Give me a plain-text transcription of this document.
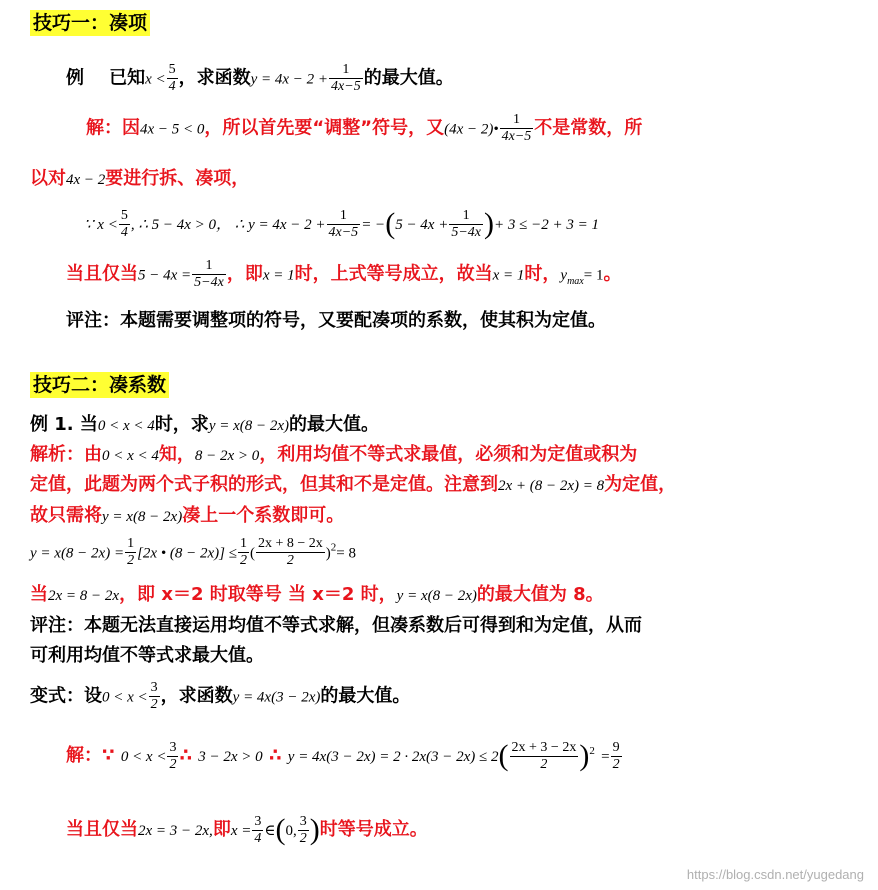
技巧一：凑项
例 已知$x < \frac{5}{4}$ ，求函数$y = 4x - 2 + \frac{1}{4x-5}$ 的最大值。
解：因4x − 5 < 0，所以首先要“调整”符号，又(4x − 2)• $\frac{1}{4x-5}$ 不是常数，所
以对4x − 2要进行拆、凑项，
∵ $x < \frac{5}{4}$ , ∴ 5 − 4x > 0， ∴ $y = 4x - 2 + \frac{1}{4x-5} = -(5 - 4x + \frac{1}{5-4x}$ )+ 3 ≤ −2 + 3 = 1
当且仅当$5 - 4x = \frac{1}{5-4x}$ ，即x = 1时，上式等号成立，故当x = 1时，$y_{max}= 1$。
评注：本题需要调整项的符号，又要配凑项的系数，使其积为定值。
技巧二：凑系数
例 1. 当0 < x < 4时，求y = x(8 − 2x)的最大值。
解析：由0 < x < 4知，8 − 2x > 0，利用均值不等式求最值，必须和为定值或积为
定值，此题为两个式子积的形式，但其和不是定值。注意到2x + (8 − 2x) = 8为定值，
故只需将y = x(8 − 2x)凑上一个系数即可。
$y = x(8 - 2x) = \frac{1}{2} [2x$ • $(8 - 2x)] \le \frac{1}{2}$ ( $\frac{2x + 8 - 2x}{2} )^2= 8$
当2x = 8 − 2x，即 x＝2 时取等号 当 x＝2 时，y = x(8 − 2x)的最大值为 8。
评注：本题无法直接运用均值不等式求解，但凑系数后可得到和为定值，从而
可利用均值不等式求最大值。
变式：设$0 < x < \frac{3}{2}$ ，求函数y = 4x(3 − 2x)的最大值。
解：∵ $0 < x < \frac{3}{2}$ ∴ 3 − 2x > 0 ∴ $y = 4x(3 - 2x) = 2 \cdot 2x(3 - 2x) \le 2( \frac{2x + 3 - 2x}{2} )^2 = \frac{9}{2}$
当且仅当2x = 3 − 2x,即$x = \frac{3}{4}$ ∈(0, $\frac{3}{2}$ )时等号成立。
https://blog.csdn.net/yugedang
